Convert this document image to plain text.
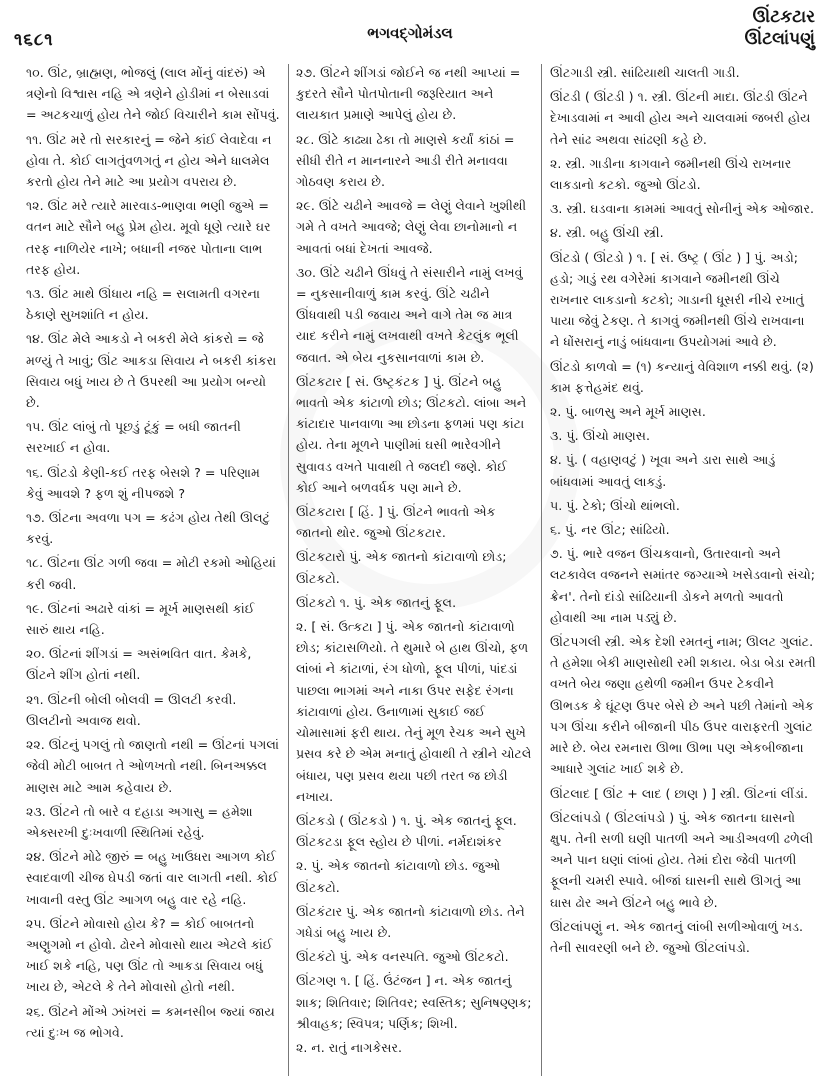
૧૬૮૧	ભગવદ્ગોમંડલ
ઊંટકટાર
ઊંટલાંપણું
૧૦. ઊંટ, બ્રાહ્મણ, ભોજલું (લાલ મોંનું વાંદરું) એ ત્રણેનો વિશ્વાસ નહિ એ ત્રણેને હોડીમાં ન બેસાડવાં = અટકચાળું હોય તેને જોઈ વિચારીને કામ સોંપવું.
૧૧. ઊંટ મરે તો સરકારનું = જેને કાંઈ લેવાદેવા ન હોવા તે. કોઈ લાગતુંવળગતું ન હોય એને ધાલમેલ કરતો હોય તેને માટે આ પ્રયોગ વપરાય છે.
૧૨. ઊંટ મરે ત્યારે મારવાડ-ભાણવા ભણી જુએ = વતન માટે સૌને બહુ પ્રેમ હોય. મૂવો ધૂણે ત્યારે ઘર તરફ નાળિયેર નાખે; બધાની નજર પોતાના લાભ તરફ હોય.
૧૩. ઊંટ માથે ઊંધાય નહિ = સલામતી વગરના ઠેકાણે સુખશાંતિ ન હોય.
૧૪. ઊંટ મેલે આકડો ને બકરી મેલે કાંકરો = જે મળ્યું તે ખાવું; ઊંટ આકડા સિવાય ને બકરી કાંકરા સિવાય બધું ખાય છે તે ઉપરથી આ પ્રયોગ બન્યો છે.
૧૫. ઊંટ લાંબું તો પૂછડું ટૂંકું = બધી જાતની સરખાઈ ન હોવા.
૧૬. ઊંટડો કેણી-કઈ તરફ બેસશે ? = પરિણામ કેવું આવશે ? ફળ શું નીપજશે ?
૧૭. ઊંટના અવળા પગ = કઢંગ હોય તેથી ઊલટું કરવું.
૧૮. ઊંટના ઊંટ ગળી જવા = મોટી રકમો ઓહિયાં કરી જવી.
૧૯. ઊંટનાં અઢારે વાંકાં = મૂર્ખ માણસથી કાંઈ સારું થાય નહિ.
૨૦. ઊંટનાં શીંગડાં = અસંભવિત વાત. કેમકે, ઊંટને શીંગ હોતાં નથી.
૨૧. ઊંટની બોલી બોલવી = ઊલટી કરવી. ઊલટીનો અવાજ થવો.
૨૨. ઊંટનું પગલું તો જાણતો નથી = ઊંટનાં પગલાં જેવી મોટી બાબત તે ઓળખતો નથી. બિનઅક્કલ માણસ માટે આમ કહેવાય છે.
૨૩. ઊંટને તો બારે વ દહાડા અગાસુ = હમેશા એક્સરખી દુઃખવાળી સ્થિતિમાં રહેવું.
૨૪. ઊંટને મોઢે જીરું = બહુ ખાઉધરા આગળ કોઈ સ્વાદવાળી ચીજ ઘેપડી જતાં વાર લાગતી નથી. કોઈ ખાવાની વસ્તુ ઊંટ આગળ બહુ વાર રહે નહિ.
૨૫. ઊંટને મોવાસો હોય કે? = કોઈ બાબતનો અણુગમો ન હોવો. ઢોરને મોવાસો થાય એટલે કાંઈ ખાઈ શકે નહિ, પણ ઊંટ તો આકડા સિવાય બધું ખાય છે, એટલે કે તેને મોવાસો હોતો નથી.
૨૬. ઊંટને મોંએ ઝાંખરાં = કમનસીબ જ્યાં જાય ત્યાં દુઃખ જ ભોગવે.
૨૭. ઊંટને શીંગડાં જોઈને જ નથી આપ્યાં = કુદરતે સૌને પોતપોતાની જરૂરિયાત અને લાયકાત પ્રમાણે આપેલું હોય છે.
૨૮. ઊંટે કાઢ્યા ઢેકા તો માણસે કર્યાં કાંઠાં = સીધી રીતે ન માનનારને આડી રીતે મનાવવા ગોઠવણ કરાય છે.
૨૯. ઊંટે ચઢીને આવજે = લેણું લેવાને ખુશીથી ગમે તે વખતે આવજે; લેણું લેવા છાનોમાનો ન આવતાં બધાં દેખતાં આવજે.
૩૦. ઊંટે ચઢીને ઊંધવું તે સંસારીને નામું લખવું = નુકસાનીવાળું કામ કરવું. ઊંટે ચઢીને ઊંધવાથી પડી જવાય અને વાગે તેમ જ માત્ર યાદ કરીને નામું લખવાથી વખતે કેટલુંક ભૂલી જવાત. એ બેય નુકસાનવાળાં કામ છે.
ઊંટકટાર [ સં. ઉષ્ટ્રકંટક ] પું. ઊંટને બહુ ભાવતો એક કાંટાળો છોડ; ઊંટકટો. લાંબા અને કાંટાદાર પાનવાળા આ છોડના ફળમાં પણ કાંટા હોય. તેના મૂળને પાણીમાં ઘસી ભારેવગીને સુવાવડ વખતે પાવાથી તે જલદી જણે. કોઈ કોઈ આને બળવર્ધક પણ માને છે.
ઊંટકટારા [ હિં. ] પું. ઊંટને ભાવતો એક જાતનો થોર. જુઓ ઊંટકટાર.
ઊંટકટારો પું. એક જાતનો કાંટાવાળો છોડ; ઊંટકટો.
ઊંટકટો ૧. પું. એક જાતનું ફૂલ.
૨. [ સં. ઉત્કટા ] પું. એક જાતનો કાંટાવાળો છોડ; કાંટાસળિયો. તે થુમારે બે હાથ ઊંચો, ફળ લાંબાં ને કાંટાળાં, રંગ ધોળો, ફૂલ પીળાં, પાંદડાં પાછલા ભાગમાં અને નાકા ઉપર સફેદ રંગના કાંટાવાળાં હોય. ઉનાળામાં સુકાઈ જઈ ચોમાસામાં ફરી થાય. તેનું મૂળ રેચક અને સુખે પ્રસવ કરે છે એમ મનાતું હોવાથી તે સ્ત્રીને ચોટલે બંધાય, પણ પ્રસવ થયા પછી તરત જ છોડી નખાય.
ઊંટકડો ( ઊંટકડો ) ૧. પું. એક જાતનું ફૂલ. ઊંટકટડા ફૂલ સ્હોય છે પીળાં. નર્મદાશંકર
૨. પું. એક જાતનો કાંટાવાળો છોડ. જુઓ ઊંટકટો.
ઊંટકંટાર પું. એક જાતનો કાંટાવાળો છોડ. તેને ગધેડાં બહુ ખાય છે.
ઊંટકંટો પું. એક વનસ્પતિ. જુઓ ઊંટકટો.
ઊંટગણ ૧. [ હિં. ઉંટંજન ] ન. એક જાતનું શાક; શિતિવાર; શિતિવર; સ્વસ્તિક; સુનિષણ્ણક; શ્રીવાહક; સ્વિપત્ર; પર્ણિક; શિખી.
૨. ન. રાતું નાગકેસર.
ઊંટગાડી સ્ત્રી. સાંઢિયાથી ચાલતી ગાડી.
ઊંટડી ( ઊંટડી ) ૧. સ્ત્રી. ઊંટની માદા. ઊંટડી ઊંટને દેખાડવામાં ન આવી હોય અને ચાલવામાં જબરી હોય તેને સાંઢ અથવા સાંઢણી કહે છે.
૨. સ્ત્રી. ગાડીના કાગવાને જમીનથી ઊંચે રાખનાર લાકડાનો કટકો. જુઓ ઊંટડો.
૩. સ્ત્રી. ઘડવાના કામમાં આવતું સોનીનું એક ઓજાર.
૪. સ્ત્રી. બહુ ઊંચી સ્ત્રી.
ઊંટડો ( ઊંટડો ) ૧. [ સં. ઉષ્ટ્ર ( ઊંટ ) ] પું. અડો; હડો; ગાડું રથ વગેરેમાં કાગવાને જમીનથી ઊંચે રાખનાર લાકડાનો કટકો; ગાડાની ધૂસરી નીચે રખાતું પાયા જેવું ટેકણ. તે કાગવું જમીનથી ઊંચે રાખવાના ને ધોંસરાનું નાડું બાંધવાના ઉપયોગમાં આવે છે.
ઊંટડો કાળવો = (૧) કન્યાનું વેવિશાળ નક્કી થવું. (૨) કામ ફત્તેહમંદ થવું.
૨. પું. બાળસુ અને મૂર્ખ માણસ.
૩. પું. ઊંચો માણસ.
૪. પું. ( વહાણવટું ) ખૂવા અને ડારા સાથે આડું બાંધવામાં આવતું લાકડું.
૫. પું. ટેકો; ઊંચો થાંભલો.
૬. પું. નર ઊંટ; સાંઢિયો.
૭. પું. ભારે વજન ઊંચકવાનો, ઉતારવાનો અને લટકાવેલ વજનને સમાંતર જગ્યાએ ખસેડવાનો સંચો; ક્રેન'. તેનો દાંડો સાંઢિયાની ડોકને મળતો આવતો હોવાથી આ નામ પડ્યું છે.
ઊંટપગલી સ્ત્રી. એક દેશી રમતનું નામ; ઊલટ ગુલાંટ. તે હમેશા બેકી માણસોથી રમી શકાય. બેડા બેડા રમતી વખતે બેય જણા હથેળી જમીન ઉપર ટેકવીને ઊભડક કે ઘૂંટણ ઉપર બેસે છે અને પછી તેમાંનો એક પગ ઊંચા કરીને બીજાની પીઠ ઉપર વારાફરતી ગુલાંટ મારે છે. બેય રમનારા ઊભા ઊભા પણ એકબીજાના આધારે ગુલાંટ ખાઈ શકે છે.
ઊંટલાદ [ ઊંટ + લાદ ( છાણ ) ] સ્ત્રી. ઊંટનાં લીંડાં.
ઊંટલાંપડો ( ઊંટલાંપડો ) પું. એક જાતના ઘાસનો ક્ષુપ. તેની સળી ઘણી પાતળી અને આડીઅવળી ઢળેલી અને પાન ઘણાં લાંબાં હોય. તેમાં દોરા જેવી પાતળી ફૂલની ચમરી સ્પાવે. બીજાં ઘાસની સાથે ઊગતું આ ઘાસ ઢોર અને ઊંટને બહુ ભાવે છે.
ઊંટલાંપણું ન. એક જાતનું લાંબી સળીઓવાળું ખડ. તેની સાવરણી બને છે. જુઓ ઊંટલાંપડો.
